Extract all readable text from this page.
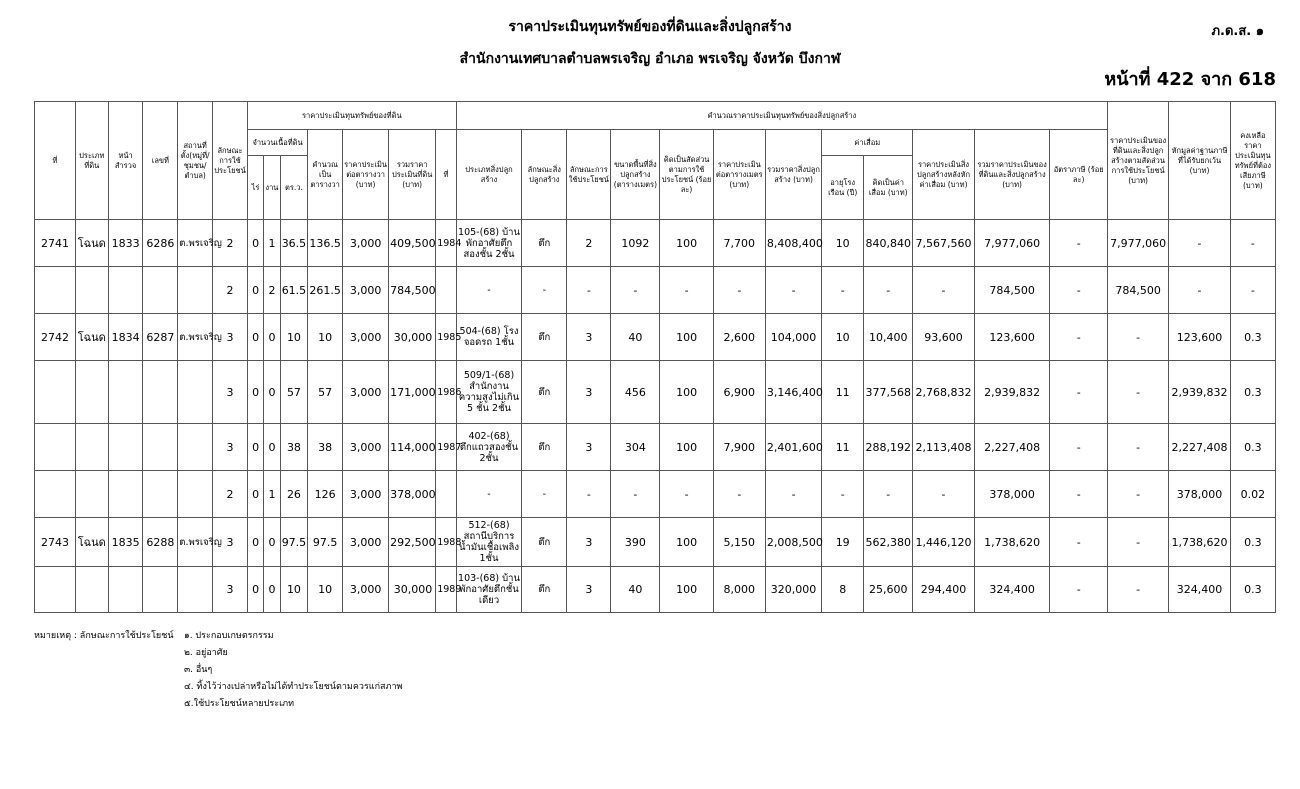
ราคาประเมินทุนทรัพย์ของที่ดินและสิ่งปลูกสร้าง
สำนักงานเทศบาลตำบลพรเจริญ อำเภอ พรเจริญ จังหวัด บึงกาฬ
ภ.ด.ส. ๑
หน้าที่ 422 จาก 618
ที่	ประเภทที่ดิน	หน้าสำรวจ	เลขที่	สถานที่ตั้ง(หมู่ที่/ชุมชน/ตำบล)	ลักษณะการใช้ประโยชน์	ราคาประเมินทุนทรัพย์ของที่ดิน							คำนวณราคาประเมินทุนทรัพย์ของสิ่งปลูกสร้าง												ราคาประเมินของที่ดินและสิ่งปลูกสร้างตามสัดส่วนการใช้ประโยชน์ (บาท)	หักมูลค่าฐานภาษีที่ได้รับยกเว้น (บาท)	คงเหลือราคาประเมินทุนทรัพย์ที่ต้องเสียภาษี (บาท)
						จำนวนเนื้อที่ดิน			คำนวณเป็นตารางวา	ราคาประเมินต่อตารางวา (บาท)	รวมราคาประเมินที่ดิน (บาท)	ที่	ประเภทสิ่งปลูกสร้าง	ลักษณะสิ่งปลูกสร้าง	ลักษณะการใช้ประโยชน์	ขนาดพื้นที่สิ่งปลูกสร้าง (ตารางเมตร)	คิดเป็นสัดส่วนตามการใช้ประโยชน์ (ร้อยละ)	ราคาประเมินต่อตารางเมตร (บาท)	รวมราคาสิ่งปลูกสร้าง (บาท)	ค่าเสื่อม		ราคาประเมินสิ่งปลูกสร้างหลังหักค่าเสื่อม (บาท)	รวมราคาประเมินของที่ดินและสิ่งปลูกสร้าง (บาท)	อัตราภาษี (ร้อยละ)			
						ไร่	งาน	ตร.ว.												อายุโรงเรือน (ปี)	คิดเป็นค่าเสื่อม (บาท)						
2741	โฉนด	1833	6286	ต.พรเจริญ	2	0	1	36.5	136.5	3,000	409,500	1984	105-(68) บ้านพักอาศัยตึกสองชั้น 2ชั้น	ตึก	2	1092	100	7,700	8,408,400	10	840,840	7,567,560	7,977,060	-	7,977,060	-	-
					2	0	2	61.5	261.5	3,000	784,500		-	-	-	-	-	-	-	-	-	-	784,500	-	784,500	-	-
2742	โฉนด	1834	6287	ต.พรเจริญ	3	0	0	10	10	3,000	30,000	1985	504-(68) โรงจอดรถ 1ชั้น	ตึก	3	40	100	2,600	104,000	10	10,400	93,600	123,600	-	-	123,600	0.3
					3	0	0	57	57	3,000	171,000	1986	509/1-(68) สำนักงานความสูงไม่เกิน 5 ชั้น 2ชั้น	ตึก	3	456	100	6,900	3,146,400	11	377,568	2,768,832	2,939,832	-	-	2,939,832	0.3
					3	0	0	38	38	3,000	114,000	1987	402-(68) ตึกแถวสองชั้น 2ชั้น	ตึก	3	304	100	7,900	2,401,600	11	288,192	2,113,408	2,227,408	-	-	2,227,408	0.3
					2	0	1	26	126	3,000	378,000		-	-	-	-	-	-	-	-	-	-	378,000	-	-	378,000	0.02
2743	โฉนด	1835	6288	ต.พรเจริญ	3	0	0	97.5	97.5	3,000	292,500	1988	512-(68) สถานีบริการน้ำมันเชื้อเพลิง 1ชั้น	ตึก	3	390	100	5,150	2,008,500	19	562,380	1,446,120	1,738,620	-	-	1,738,620	0.3
					3	0	0	10	10	3,000	30,000	1989	103-(68) บ้านพักอาศัยตึกชั้นเดียว	ตึก	3	40	100	8,000	320,000	8	25,600	294,400	324,400	-	-	324,400	0.3
หมายเหตุ : ลักษณะการใช้ประโยชน์ ๑. ประกอบเกษตรกรรม
๒. อยู่อาศัย
๓. อื่นๆ
๔. ทิ้งไว้ว่างเปล่าหรือไม่ได้ทำประโยชน์ตามควรแก่สภาพ
๕.ใช้ประโยชน์หลายประเภท
